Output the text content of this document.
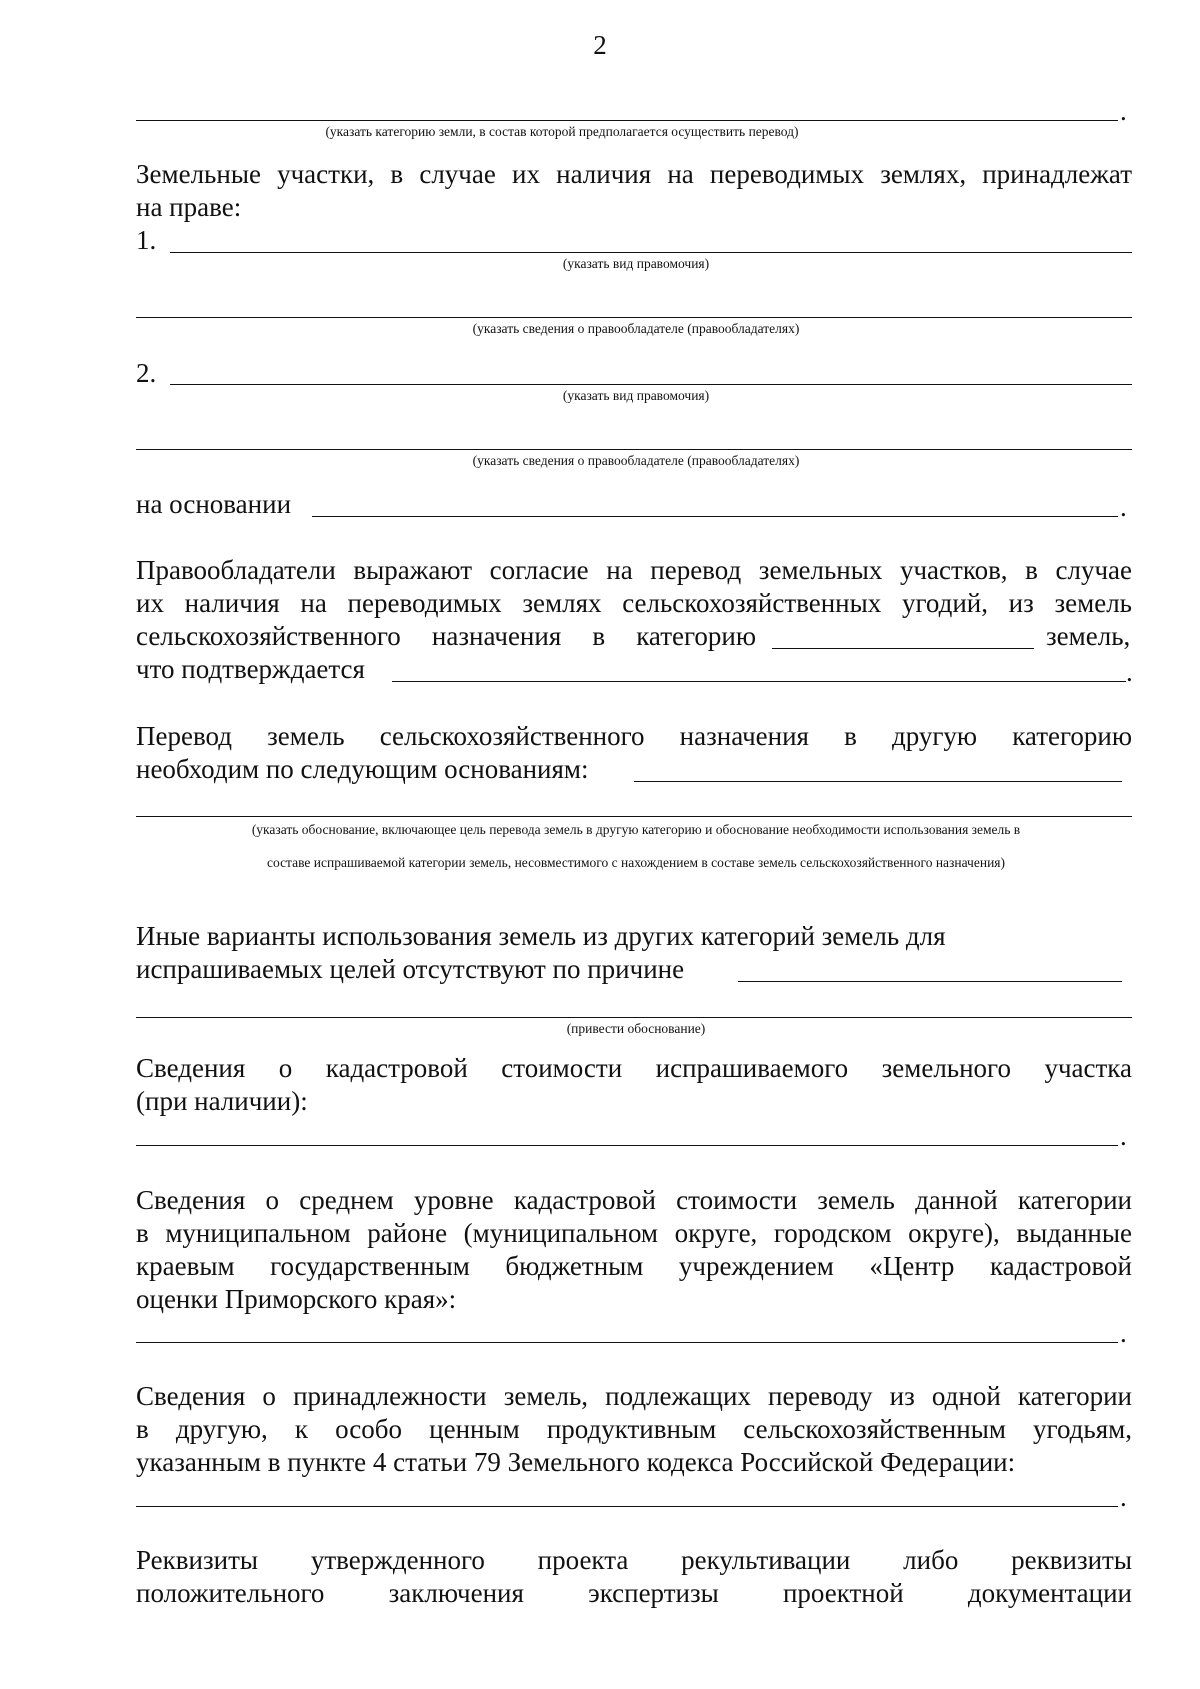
2
.
(указать категорию земли, в состав которой предполагается осуществить перевод)
Земельные участки, в случае их наличия на переводимых землях, принадлежат
на праве:
1.
(указать вид правомочия)
(указать сведения о правообладателе (правообладателях)
2.
(указать вид правомочия)
(указать сведения о правообладателе (правообладателях)
на основании	.
Правообладатели выражают согласие на перевод земельных участков, в случае
их наличия на переводимых землях сельскохозяйственных угодий, из земель
сельскохозяйственного назначения в категорию	земель,
что подтверждается	.
Перевод земель сельскохозяйственного назначения в другую категорию
необходим по следующим основаниям:
(указать обоснование, включающее цель перевода земель в другую категорию и обоснование необходимости использования земель в
составе испрашиваемой категории земель, несовместимого с нахождением в составе земель сельскохозяйственного назначения)
Иные варианты использования земель из других категорий земель для
испрашиваемых целей отсутствуют по причине
(привести обоснование)
Сведения о кадастровой стоимости испрашиваемого земельного участка
(при наличии):
.
Сведения о среднем уровне кадастровой стоимости земель данной категории
в муниципальном районе (муниципальном округе, городском округе), выданные
краевым государственным бюджетным учреждением «Центр кадастровой
оценки Приморского края»:
.
Сведения о принадлежности земель, подлежащих переводу из одной категории
в другую, к особо ценным продуктивным сельскохозяйственным угодьям,
указанным в пункте 4 статьи 79 Земельного кодекса Российской Федерации:
.
Реквизиты утвержденного проекта рекультивации либо реквизиты
положительного заключения экспертизы проектной документации
